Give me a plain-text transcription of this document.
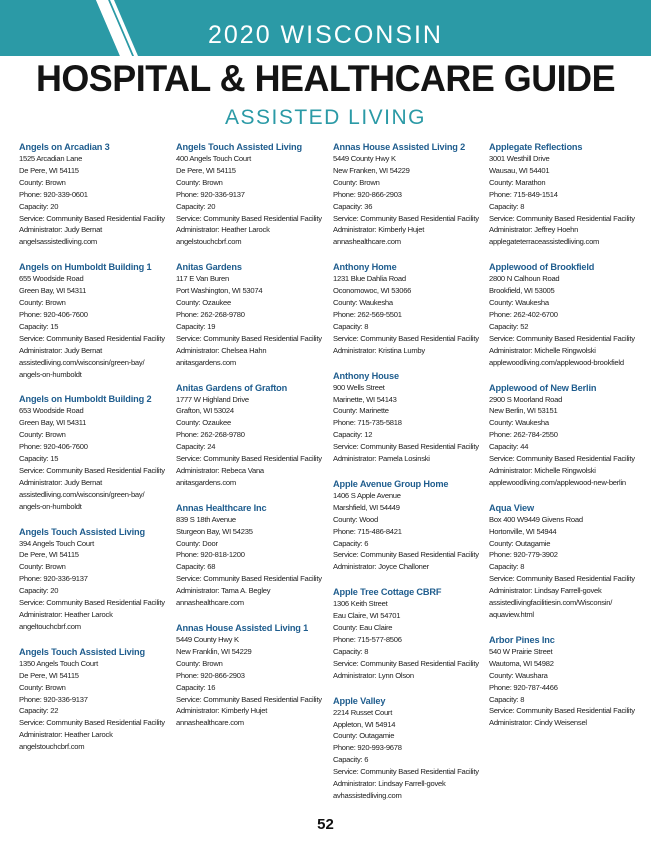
2020 WISCONSIN
HOSPITAL & HEALTHCARE GUIDE
ASSISTED LIVING
Angels on Arcadian 3
1525 Arcadian Lane
De Pere, WI 54115
County: Brown
Phone: 920-339-0601
Capacity: 20
Service: Community Based Residential Facility
Administrator: Judy Bernat
angelsassistedliving.com
Angels on Humboldt Building 1
655 Woodside Road
Green Bay, WI 54311
County: Brown
Phone: 920-406-7600
Capacity: 15
Service: Community Based Residential Facility
Administrator: Judy Bernat
assistedliving.com/wisconsin/green-bay/
angels-on-humboldt
Angels on Humboldt Building 2
653 Woodside Road
Green Bay, WI 54311
County: Brown
Phone: 920-406-7600
Capacity: 15
Service: Community Based Residential Facility
Administrator: Judy Bernat
assistedliving.com/wisconsin/green-bay/
angels-on-humboldt
Angels Touch Assisted Living
394 Angels Touch Court
De Pere, WI 54115
County: Brown
Phone: 920-336-9137
Capacity: 20
Service: Community Based Residential Facility
Administrator: Heather Larock
angeltouchcbrf.com
Angels Touch Assisted Living
1350 Angels Touch Court
De Pere, WI 54115
County: Brown
Phone: 920-336-9137
Capacity: 22
Service: Community Based Residential Facility
Administrator: Heather Larock
angelstouchcbrf.com
Angels Touch Assisted Living
400 Angels Touch Court
De Pere, WI 54115
County: Brown
Phone: 920-336-9137
Capacity: 20
Service: Community Based Residential Facility
Administrator: Heather Larock
angelstouchcbrf.com
Anitas Gardens
117 E Van Buren
Port Washington, WI 53074
County: Ozaukee
Phone: 262-268-9780
Capacity: 19
Service: Community Based Residential Facility
Administrator: Chelsea Hahn
anitasgardens.com
Anitas Gardens of Grafton
1777 W Highland Drive
Grafton, WI 53024
County: Ozaukee
Phone: 262-268-9780
Capacity: 24
Service: Community Based Residential Facility
Administrator: Rebeca Vana
anitasgardens.com
Annas Healthcare Inc
839 S 18th Avenue
Sturgeon Bay, WI 54235
County: Door
Phone: 920-818-1200
Capacity: 68
Service: Community Based Residential Facility
Administrator: Tama A. Begley
annashealthcare.com
Annas House Assisted Living 1
5449 County Hwy K
New Franklin, WI 54229
County: Brown
Phone: 920-866-2903
Capacity: 16
Service: Community Based Residential Facility
Administrator: Kimberly Hujet
annashealthcare.com
Annas House Assisted Living 2
5449 County Hwy K
New Franken, WI 54229
County: Brown
Phone: 920-866-2903
Capacity: 36
Service: Community Based Residential Facility
Administrator: Kimberly Hujet
annashealthcare.com
Anthony Home
1231 Blue Dahlia Road
Oconomowoc, WI 53066
County: Waukesha
Phone: 262-569-5501
Capacity: 8
Service: Community Based Residential Facility
Administrator: Kristina Lumby
Anthony House
900 Wells Street
Marinette, WI 54143
County: Marinette
Phone: 715-735-5818
Capacity: 12
Service: Community Based Residential Facility
Administrator: Pamela Losinski
Apple Avenue Group Home
1406 S Apple Avenue
Marshfield, WI 54449
County: Wood
Phone: 715-486-8421
Capacity: 6
Service: Community Based Residential Facility
Administrator: Joyce Challoner
Apple Tree Cottage CBRF
1306 Keith Street
Eau Claire, WI 54701
County: Eau Claire
Phone: 715-577-8506
Capacity: 8
Service: Community Based Residential Facility
Administrator: Lynn Olson
Apple Valley
2214 Russet Court
Appleton, WI 54914
County: Outagamie
Phone: 920-993-9678
Capacity: 6
Service: Community Based Residential Facility
Administrator: Lindsay Farrell-govek
avhassistedliving.com
Applegate Reflections
3001 Westhill Drive
Wausau, WI 54401
County: Marathon
Phone: 715-849-1514
Capacity: 8
Service: Community Based Residential Facility
Administrator: Jeffrey Hoehn
applegateterraceassistedliving.com
Applewood of Brookfield
2800 N Calhoun Road
Brookfield, WI 53005
County: Waukesha
Phone: 262-402-6700
Capacity: 52
Service: Community Based Residential Facility
Administrator: Michelle Ringwolski
applewoodliving.com/applewood-brookfield
Applewood of New Berlin
2900 S Moorland Road
New Berlin, WI 53151
County: Waukesha
Phone: 262-784-2550
Capacity: 44
Service: Community Based Residential Facility
Administrator: Michelle Ringwolski
applewoodliving.com/applewood-new-berlin
Aqua View
Box 400 W9449 Givens Road
Hortonville, WI 54944
County: Outagamie
Phone: 920-779-3902
Capacity: 8
Service: Community Based Residential Facility
Administrator: Lindsay Farrell-govek
assistedlivingfacilitiesin.com/Wisconsin/
aquaview.html
Arbor Pines Inc
540 W Prairie Street
Wautoma, WI 54982
County: Waushara
Phone: 920-787-4466
Capacity: 8
Service: Community Based Residential Facility
Administrator: Cindy Weisensel
52
